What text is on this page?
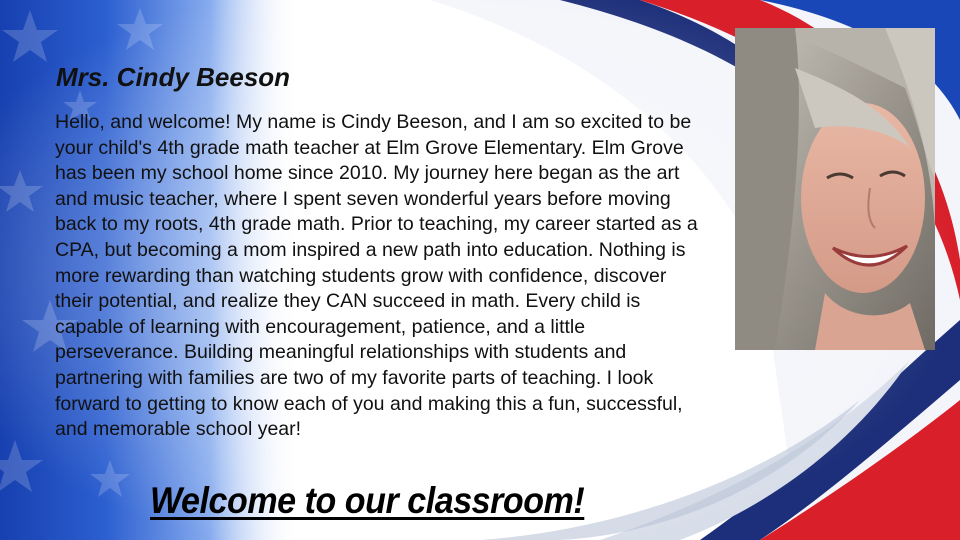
Mrs. Cindy Beeson

Hello, and welcome! My name is Cindy Beeson, and I am so excited to be your child's 4th grade math teacher at Elm Grove Elementary. Elm Grove has been my school home since 2010. My journey here began as the art and music teacher, where I spent seven wonderful years before moving back to my roots, 4th grade math. Prior to teaching, my career started as a CPA, but becoming a mom inspired a new path into education. Nothing is more rewarding than watching students grow with confidence, discover their potential, and realize they CAN succeed in math. Every child is capable of learning with encouragement, patience, and a little perseverance. Building meaningful relationships with students and partnering with families are two of my favorite parts of teaching. I look forward to getting to know each of you and making this a fun, successful, and memorable school year!

Welcome to our classroom!
